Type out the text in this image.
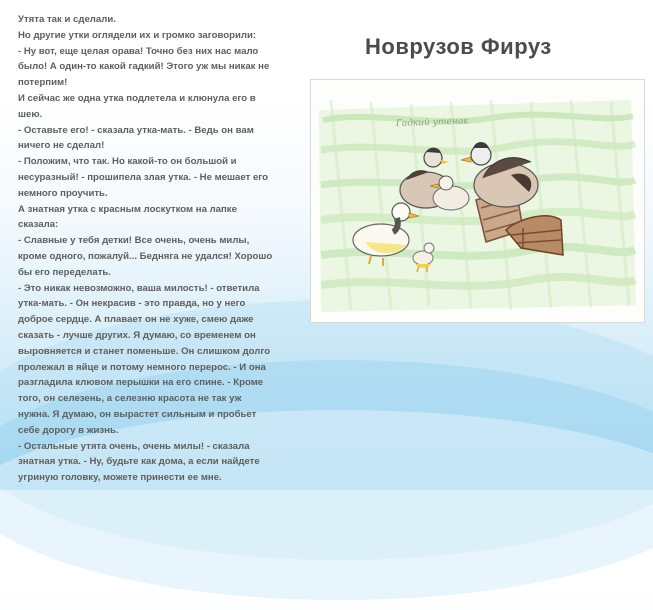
Утята так и сделали.

Но другие утки оглядели их и громко заговорили:

- Ну вот, еще целая орава! Точно без них нас мало

было! А один-то какой гадкий! Этого уж мы никак не

потерпим!

И сейчас же одна утка подлетела и клюнула его в

шею.

- Оставьте его! - сказала утка-мать. - Ведь он вам

ничего не сделал!

- Положим, что так. Но какой-то он большой и

несуразный! - прошипела злая утка. - Не мешает его

немного проучить.

А знатная утка с красным лоскутком на лапке

сказала:

- Славные у тебя детки! Все очень, очень милы,

кроме одного, пожалуй... Бедняга не удался! Хорошо

бы его переделать.

- Это никак невозможно, ваша милость! - ответила

утка-мать. - Он некрасив - это правда, но у него

доброе сердце. А плавает он не хуже, смею даже

сказать - лучше других. Я думаю, со временем он

выровняется и станет поменьше. Он слишком долго

пролежал в яйце и потому немного перерос. - И она

разгладила клювом перышки на его спине. - Кроме

того, он селезень, а селезню красота не так уж

нужна. Я думаю, он вырастет сильным и пробьет

себе дорогу в жизнь.

- Остальные утята очень, очень милы! - сказала

знатная утка. - Ну, будьте как дома, а если найдете

угриную головку, можете принести ее мне.

Новрузов Фируз
Гадкий утенок
